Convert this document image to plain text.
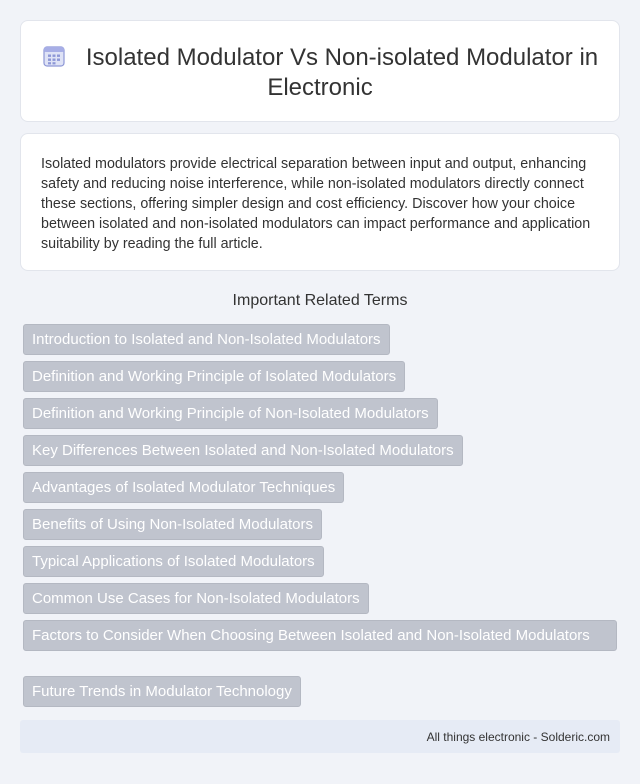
Isolated Modulator Vs Non-isolated Modulator in Electronic

Isolated modulators provide electrical separation between input and output, enhancing safety and reducing noise interference, while non-isolated modulators directly connect these sections, offering simpler design and cost efficiency. Discover how your choice between isolated and non-isolated modulators can impact performance and application suitability by reading the full article.

Important Related Terms
Introduction to Isolated and Non-Isolated Modulators
Definition and Working Principle of Isolated Modulators
Definition and Working Principle of Non-Isolated Modulators
Key Differences Between Isolated and Non-Isolated Modulators
Advantages of Isolated Modulator Techniques
Benefits of Using Non-Isolated Modulators
Typical Applications of Isolated Modulators
Common Use Cases for Non-Isolated Modulators
Factors to Consider When Choosing Between Isolated and Non-Isolated Modulators
Future Trends in Modulator Technology
All things electronic - Solderic.com
